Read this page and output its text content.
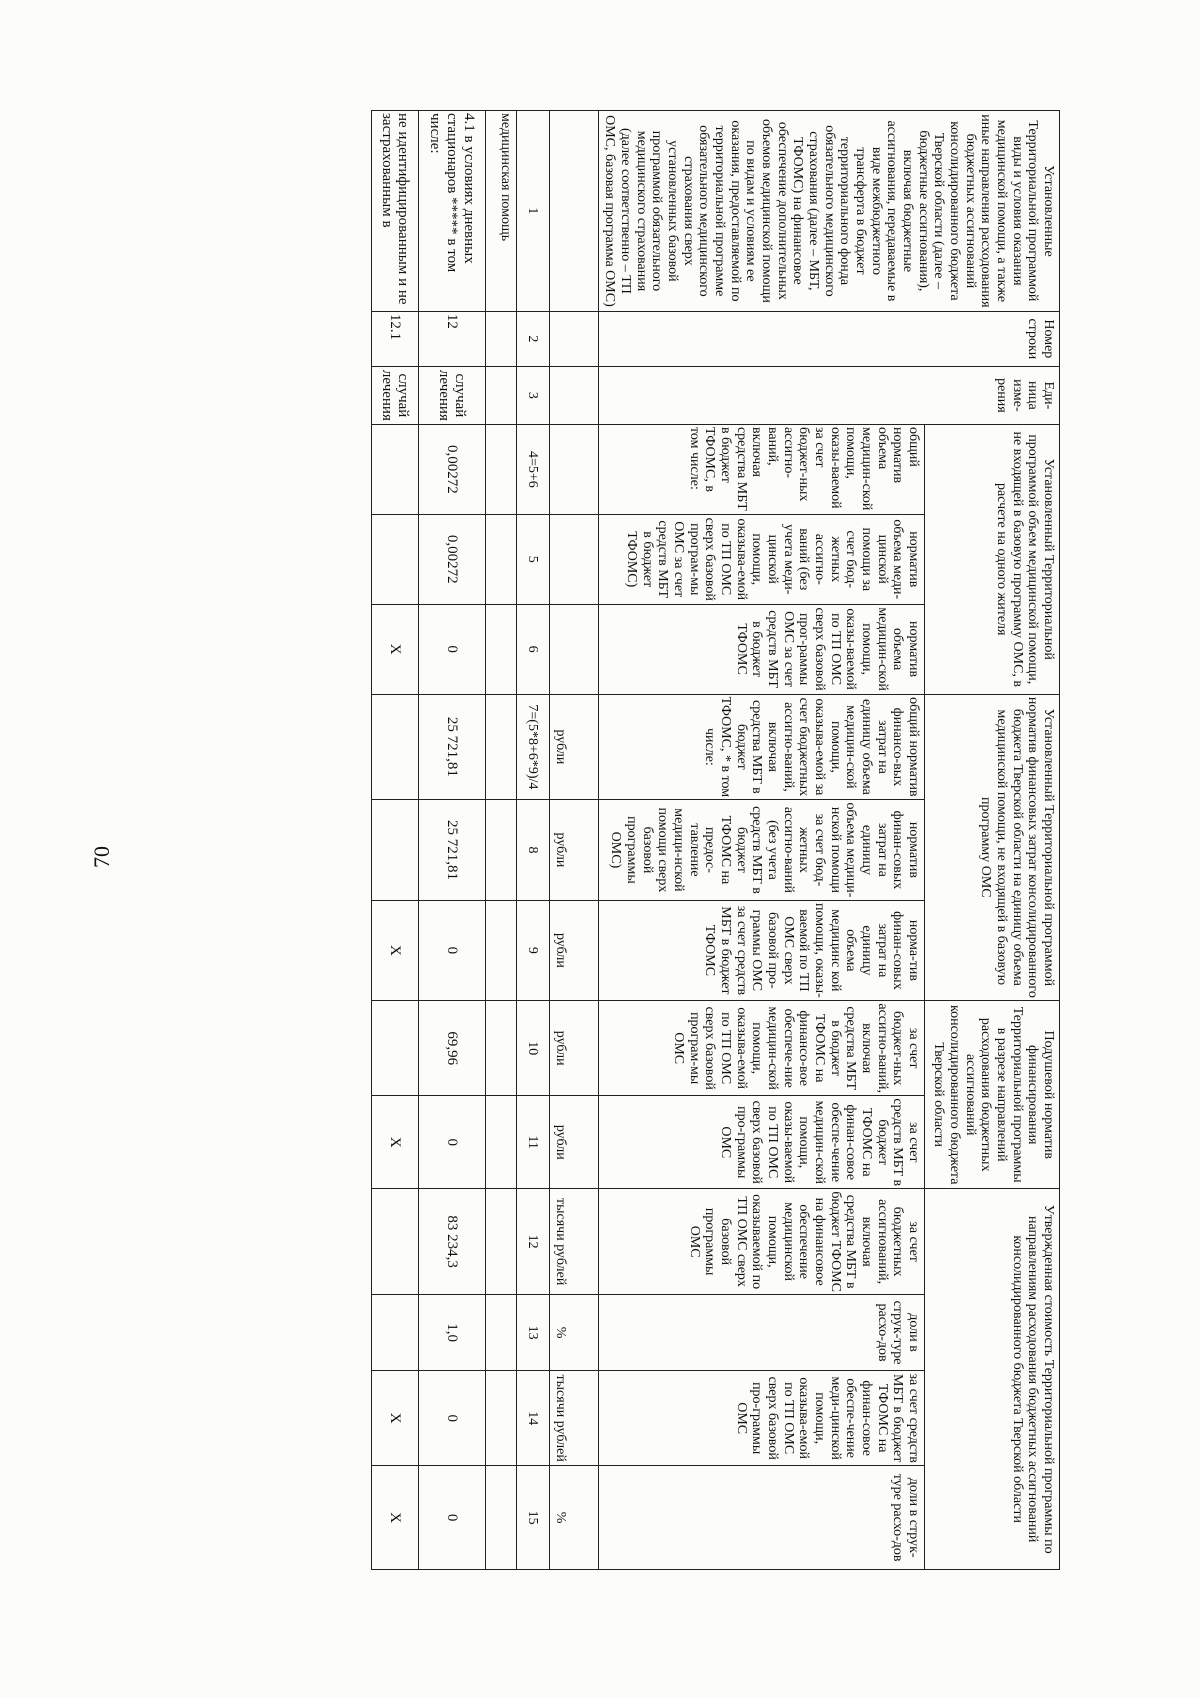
70
Установленные Территориальной программой виды и условия оказания медицинской помощи, а также иные направления расходования бюджетных ассигнований консолидированного бюджета Тверской области (далее – бюджетные ассигнования), включая бюджетные ассигнования, передаваемые в виде межбюджетного трансферта в бюджет территориального фонда обязательного медицинского страхования (далее – МБТ, ТФОМС) на финансовое обеспечение дополнительных объемов медицинской помощи по видам и условиям ее оказания, предоставляемой по территориальной программе обязательного медицинского страхования сверх установленных базовой программой обязательного медицинского страхования (далее соответственно – ТП ОМС, базовая программа ОМС)	Номер строки	Еди-ница изме-рения	Установленный Территориальной программой объем медицинской помощи, не входящей в базовую программу ОМС, в расчете на одного жителя			Установленный Территориальной программой норматив финансовых затрат консолидированного бюджета Тверской области на единицу объема медицинской помощи, не входящей в базовую программу ОМС			Подушевой норматив финансирования Территориальной программы в разрезе направлений расходования бюджетных ассигнований консолидированного бюджета Тверской области		Утвержденная стоимость Территориальной программы по направлениям расходования бюджетных ассигнований консолидированного бюджета Тверской области			
			общий норматив объема медицин-ской помощи, оказы-ваемой за счет бюджет-ных ассигно-ваний, включая средства МБТ в бюджет ТФОМС, в том числе:	норматив объема меди-цинской помощи за счет бюд-жетных ассигно-ваний (без учета меди-цинской помощи, оказыва-емой по ТП ОМС сверх базовой програм-мы ОМС за счет средств МБТ в бюджет ТФОМС)	норматив объема медицин-ской помощи, оказы-ваемой по ТП ОМС сверх базовой прог-раммы ОМС за счет средств МБТ в бюджет ТФОМС	общий норматив финансо-вых затрат на единицу объема медицин-ской помощи, оказыва-емой за счет бюджетных ассигно-ваний, включая средства МБТ в бюджет ТФОМС, * в том числе:	норматив финан-совых затрат на единицу объема медици-нской помощи за счет бюд-жетных ассигно-ваний (без учета средств МБТ в бюджет ТФОМС на предос-тавление медици-нской помощи сверх базовой программы ОМС)	норма-тив финан-совых затрат на единицу объема медицинс кой помощи, оказы-ваемой по ТП ОМС сверх базовой про-граммы ОМС за счет средств МБТ в бюджет ТФОМС	за счет бюджет-ных ассигно-ваний, включая средства МБТ в бюджет ТФОМС на финансо-вое обеспече-ние медицин-ской помощи, оказыва-емой по ТП ОМС сверх базовой програм-мы ОМС	за счет средств МБТ в бюджет ТФОМС на финан-совое обеспе-чение медицин-ской помощи, оказы-ваемой по ТП ОМС сверх базовой про-граммы ОМС	за счет бюджетных ассигнований, включая средства МБТ в бюджет ТФОМС на финансовое обеспечение медицинской помощи, оказываемой по ТП ОМС сверх базовой программы ОМС	доли в струк-туре расхо-дов	за счет средств МБТ в бюджет ТФОМС на финан-совое обеспе-чение меди-цинской помощи, оказыва-емой по ТП ОМС сверх базовой про-граммы ОМС	доли в струк-туре расхо-дов
						рубли	рубли	рубли	рубли	рубли	тысячи рублей	%	тысячи рублей	%
1	2	3	4=5+6	5	6	7=(5*8+6*9)/4	8	9	10	11	12	13	14	15
медицинская помощь														
4.1 в условиях дневных стационаров ***** в том числе:	12	случай лечения	0,00272	0,00272	0	25 721,81	25 721,81	0	69,96	0	83 234,3	1,0	0	0
не идентифицированным и не застрахованным в	12.1	случай лечения			Х			Х		Х			Х	Х
